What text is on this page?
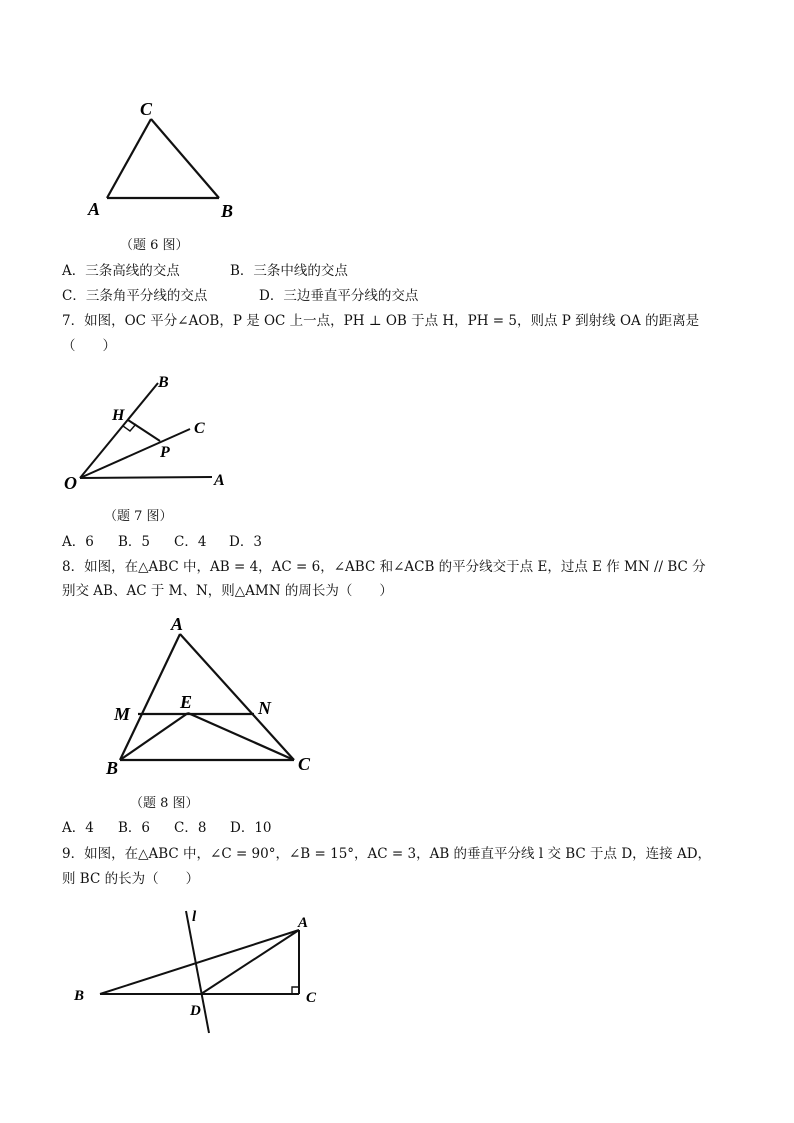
C
A	B
（题 6 图）
A．三条高线的交点	B．三条中线的交点
C．三条角平分线的交点	D．三边垂直平分线的交点
7．如图，OC 平分∠AOB，P 是 OC 上一点，PH ⊥ OB 于点 H，PH = 5，则点 P 到射线 OA 的距离是
（　　）
B
H
C
P
O	A
（题 7 图）
A．6 B．5 C．4 D．3
8．如图，在△ABC 中，AB = 4，AC = 6，∠ABC 和∠ACB 的平分线交于点 E，过点 E 作 MN // BC 分
别交 AB、AC 于 M、N，则△AMN 的周长为（　　）
A
M
E	N
B	C
（题 8 图）
A．4 B．6 C．8 D．10
9．如图，在△ABC 中，∠C = 90°，∠B = 15°，AC = 3，AB 的垂直平分线 l 交 BC 于点 D，连接 AD，
则 BC 的长为（　　）
l	A
B
D
C
